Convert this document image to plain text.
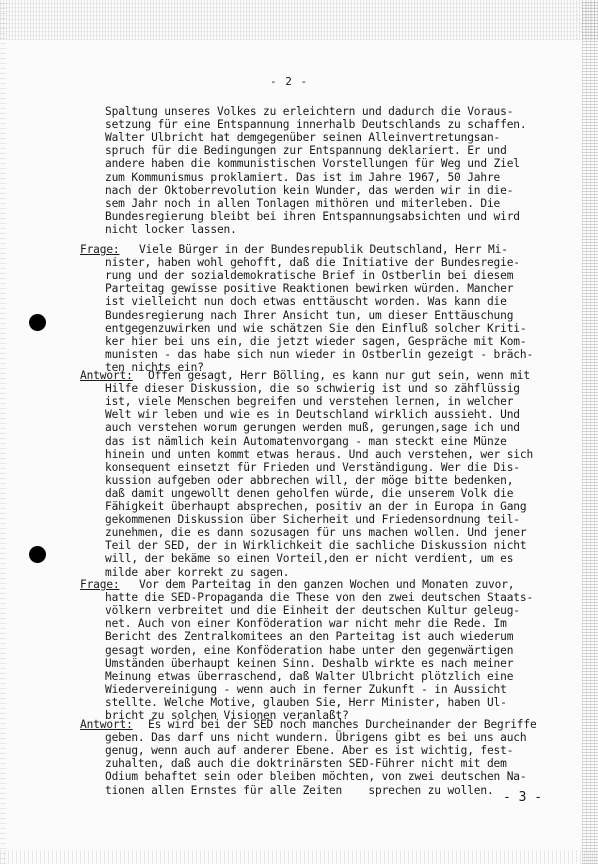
- 2 -
Spaltung unseres Volkes zu erleichtern und dadurch die Voraus-
setzung für eine Entspannung innerhalb Deutschlands zu schaffen.
Walter Ulbricht hat demgegenüber seinen Alleinvertretungsan-
spruch für die Bedingungen zur Entspannung deklariert. Er und
andere haben die kommunistischen Vorstellungen für Weg und Ziel
zum Kommunismus proklamiert. Das ist im Jahre 1967, 50 Jahre
nach der Oktoberrevolution kein Wunder, das werden wir in die-
sem Jahr noch in allen Tonlagen mithören und miterleben. Die
Bundesregierung bleibt bei ihren Entspannungsabsichten und wird
nicht locker lassen.
Frage: Viele Bürger in der Bundesrepublik Deutschland, Herr Mi-
nister, haben wohl gehofft, daß die Initiative der Bundesregie-
rung und der sozialdemokratische Brief in Ostberlin bei diesem
Parteitag gewisse positive Reaktionen bewirken würden. Mancher
ist vielleicht nun doch etwas enttäuscht worden. Was kann die
Bundesregierung nach Ihrer Ansicht tun, um dieser Enttäuschung
entgegenzuwirken und wie schätzen Sie den Einfluß solcher Kriti-
ker hier bei uns ein, die jetzt wieder sagen, Gespräche mit Kom-
munisten - das habe sich nun wieder in Ostberlin gezeigt - bräch-
ten nichts ein?
Antwort: Offen gesagt, Herr Bölling, es kann nur gut sein, wenn mit
Hilfe dieser Diskussion, die so schwierig ist und so zähflüssig
ist, viele Menschen begreifen und verstehen lernen, in welcher
Welt wir leben und wie es in Deutschland wirklich aussieht. Und
auch verstehen worum gerungen werden muß, gerungen,sage ich und
das ist nämlich kein Automatenvorgang - man steckt eine Münze
hinein und unten kommt etwas heraus. Und auch verstehen, wer sich
konsequent einsetzt für Frieden und Verständigung. Wer die Dis-
kussion aufgeben oder abbrechen will, der möge bitte bedenken,
daß damit ungewollt denen geholfen würde, die unserem Volk die
Fähigkeit überhaupt absprechen, positiv an der in Europa in Gang
gekommenen Diskussion über Sicherheit und Friedensordnung teil-
zunehmen, die es dann sozusagen für uns machen wollen. Und jener
Teil der SED, der in Wirklichkeit die sachliche Diskussion nicht
will, der bekäme so einen Vorteil,den er nicht verdient, um es
milde aber korrekt zu sagen.
Frage: Vor dem Parteitag in den ganzen Wochen und Monaten zuvor,
hatte die SED-Propaganda die These von den zwei deutschen Staats-
völkern verbreitet und die Einheit der deutschen Kultur geleug-
net. Auch von einer Konföderation war nicht mehr die Rede. Im
Bericht des Zentralkomitees an den Parteitag ist auch wiederum
gesagt worden, eine Konföderation habe unter den gegenwärtigen
Umständen überhaupt keinen Sinn. Deshalb wirkte es nach meiner
Meinung etwas überraschend, daß Walter Ulbricht plötzlich eine
Wiedervereinigung - wenn auch in ferner Zukunft - in Aussicht
stellte. Welche Motive, glauben Sie, Herr Minister, haben Ul-
bricht zu solchen Visionen veranlaßt?
Antwort: Es wird bei der SED noch manches Durcheinander der Begriffe
geben. Das darf uns nicht wundern. Übrigens gibt es bei uns auch
genug, wenn auch auf anderer Ebene. Aber es ist wichtig, fest-
zuhalten, daß auch die doktrinärsten SED-Führer nicht mit dem
Odium behaftet sein oder bleiben möchten, von zwei deutschen Na-
tionen allen Ernstes für alle Zeiten    sprechen zu wollen. - 3 -
